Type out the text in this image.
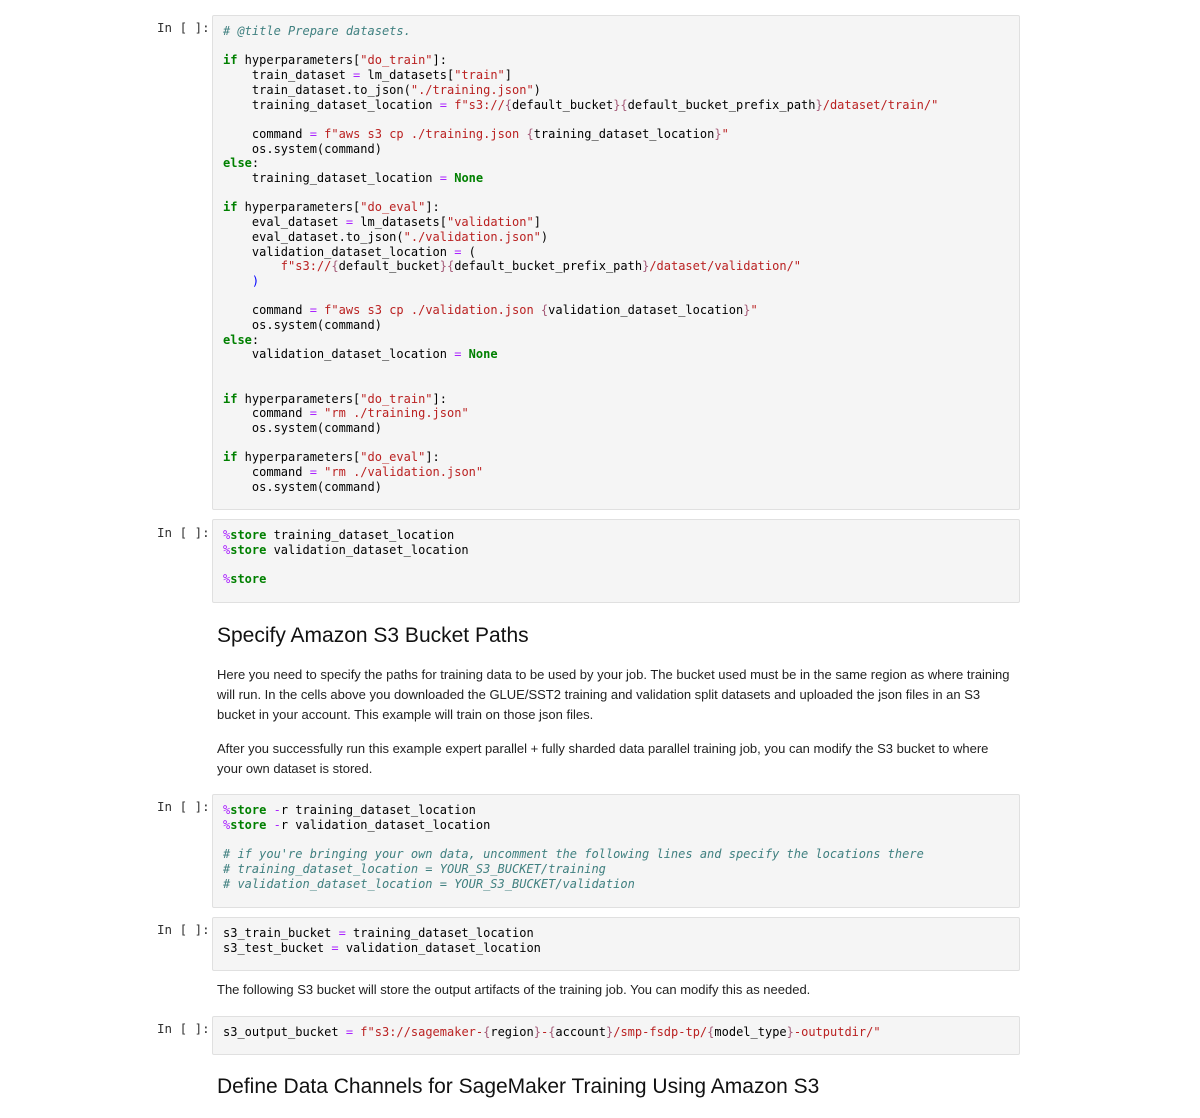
In [ ]: # @title Prepare datasets.

if hyperparameters["do_train"]:
train_dataset = lm_datasets["train"]
train_dataset.to_json("./training.json")
training_dataset_location = f"s3://{default_bucket}{default_bucket_prefix_path}/dataset/train/"

command = f"aws s3 cp ./training.json {training_dataset_location}"
os.system(command)
else:
training_dataset_location = None

if hyperparameters["do_eval"]:
eval_dataset = lm_datasets["validation"]
eval_dataset.to_json("./validation.json")
validation_dataset_location = (
f"s3://{default_bucket}{default_bucket_prefix_path}/dataset/validation/"
)

command = f"aws s3 cp ./validation.json {validation_dataset_location}"
os.system(command)
else:
validation_dataset_location = None

if hyperparameters["do_train"]:
command = "rm ./training.json"
os.system(command)

if hyperparameters["do_eval"]:
command = "rm ./validation.json"
os.system(command)
In [ ]: %store training_dataset_location
%store validation_dataset_location

%store
Specify Amazon S3 Bucket Paths

Here you need to specify the paths for training data to be used by your job. The bucket used must be in the same region as where training will run. In the cells above you downloaded the GLUE/SST2 training and validation split datasets and uploaded the json files in an S3 bucket in your account. This example will train on those json files.

After you successfully run this example expert parallel + fully sharded data parallel training job, you can modify the S3 bucket to where your own dataset is stored.

In [ ]: %store -r training_dataset_location
%store -r validation_dataset_location

# if you're bringing your own data, uncomment the following lines and specify the locations there
# training_dataset_location = YOUR_S3_BUCKET/training
# validation_dataset_location = YOUR_S3_BUCKET/validation
In [ ]: s3_train_bucket = training_dataset_location
s3_test_bucket = validation_dataset_location

The following S3 bucket will store the output artifacts of the training job. You can modify this as needed.

In [ ]: s3_output_bucket = f"s3://sagemaker-{region}-{account}/smp-fsdp-tp/{model_type}-outputdir/"
Define Data Channels for SageMaker Training Using Amazon S3
